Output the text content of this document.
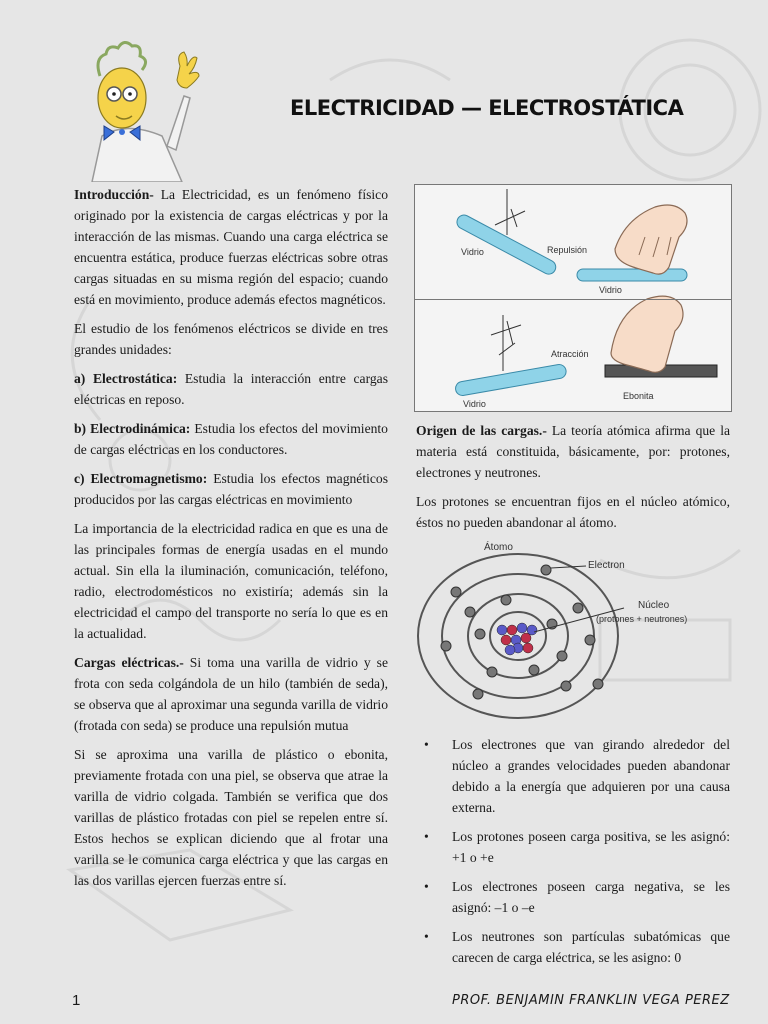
ELECTRICIDAD — ELECTROSTÁTICA

Introducción- La Electricidad, es un fenómeno físico originado por la existencia de cargas eléctricas y por la interacción de las mismas. Cuando una carga eléctrica se encuentra estática, produce fuerzas eléctricas sobre otras cargas situadas en su misma región del espacio; cuando está en movimiento, produce además efectos magnéticos.

El estudio de los fenómenos eléctricos se divide en tres grandes unidades:

a) Electrostática: Estudia la interacción entre cargas eléctricas en reposo.

b) Electrodinámica: Estudia los efectos del movimiento de cargas eléctricas en los conductores.

c) Electromagnetismo: Estudia los efectos magnéticos producidos por las cargas eléctricas en movimiento

La importancia de la electricidad radica en que es una de las principales formas de energía usadas en el mundo actual. Sin ella la iluminación, comunicación, teléfono, radio, electrodomésticos no existiría; además sin la electricidad el campo del transporte no sería lo que es en la actualidad.

Cargas eléctricas.- Si toma una varilla de vidrio y se frota con seda colgándola de un hilo (también de seda), se observa que al aproximar una segunda varilla de vidrio (frotada con seda) se produce una repulsión mutua

Si se aproxima una varilla de plástico o ebonita, previamente frotada con una piel, se observa que atrae la varilla de vidrio colgada. También se verifica que dos varillas de plástico frotadas con piel se repelen entre sí. Estos hechos se explican diciendo que al frotar una varilla se le comunica carga eléctrica y que las cargas en las dos varillas ejercen fuerzas entre sí.

Vidrio	Repulsión
Vidrio
Atracción
Vidrio
Ebonita

Origen de las cargas.- La teoría atómica afirma que la materia está constituida, básicamente, por: protones, electrones y neutrones.

Los protones se encuentran fijos en el núcleo atómico, éstos no pueden abandonar al átomo.

Átomo
Electron
Núcleo
(protones + neutrones)
•	Los electrones que van girando alrededor del núcleo a grandes velocidades pueden abandonar debido a la energía que adquieren por una causa externa.
•	Los protones poseen carga positiva, se les asignó: +1 o +e
•	Los electrones poseen carga negativa, se les asignó: –1 o –e
•	Los neutrones son partículas subatómicas que carecen de carga eléctrica, se les asigno: 0
1	PROF. BENJAMIN FRANKLIN VEGA PEREZ
